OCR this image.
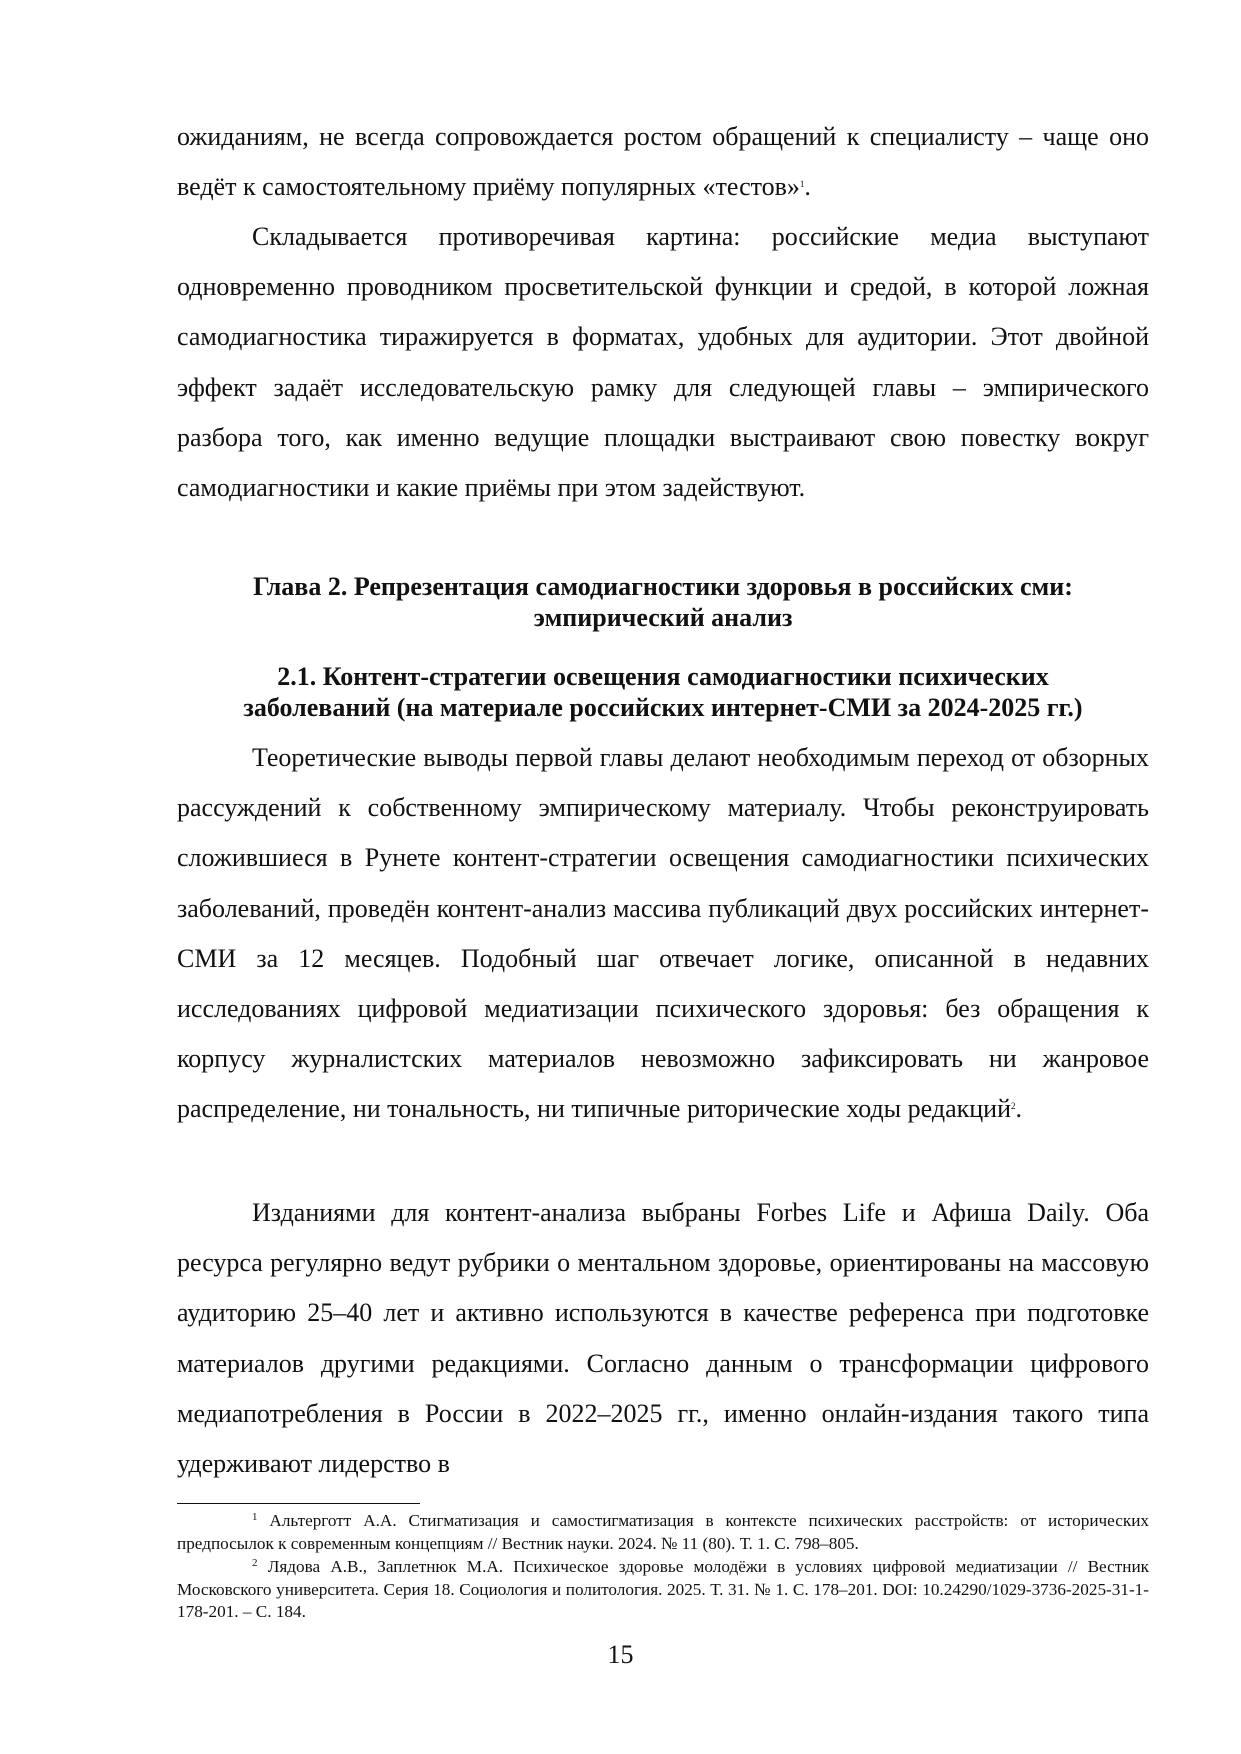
ожиданиям, не всегда сопровождается ростом обращений к специалисту – чаще оно ведёт к самостоятельному приёму популярных «тестов»$^1$.

Складывается противоречивая картина: российские медиа выступают одновременно проводником просветительской функции и средой, в которой ложная самодиагностика тиражируется в форматах, удобных для аудитории. Этот двойной эффект задаёт исследовательскую рамку для следующей главы – эмпирического разбора того, как именно ведущие площадки выстраивают свою повестку вокруг самодиагностики и какие приёмы при этом задействуют.

Глава 2. Репрезентация самодиагностики здоровья в российских сми:
эмпирический анализ
2.1. Контент-стратегии освещения самодиагностики психических
заболеваний (на материале российских интернет-СМИ за 2024-2025 гг.)

Теоретические выводы первой главы делают необходимым переход от обзорных рассуждений к собственному эмпирическому материалу. Чтобы реконструировать сложившиеся в Рунете контент-стратегии освещения самодиагностики психических заболеваний, проведён контент-анализ массива публикаций двух российских интернет-СМИ за 12 месяцев. Подобный шаг отвечает логике, описанной в недавних исследованиях цифровой медиатизации психического здоровья: без обращения к корпусу журналистских материалов невозможно зафиксировать ни жанровое распределение, ни тональность, ни типичные риторические ходы редакций$^2$.

Изданиями для контент-анализа выбраны Forbes Life и Афиша Daily. Оба ресурса регулярно ведут рубрики о ментальном здоровье, ориентированы на массовую аудиторию 25–40 лет и активно используются в качестве референса при подготовке материалов другими редакциями. Согласно данным о трансформации цифрового медиапотребления в России в 2022–2025 гг., именно онлайн-издания такого типа удерживают лидерство в

$^1$ Альтерготт А.А. Стигматизация и самостигматизация в контексте психических расстройств: от исторических предпосылок к современным концепциям // Вестник науки. 2024. № 11 (80). Т. 1. С. 798–805.

$^2$ Лядова А.В., Заплетнюк М.А. Психическое здоровье молодёжи в условиях цифровой медиатизации // Вестник Московского университета. Серия 18. Социология и политология. 2025. Т. 31. № 1. С. 178–201. DOI: 10.24290/1029-3736-2025-31-1-178-201. – С. 184.

15
